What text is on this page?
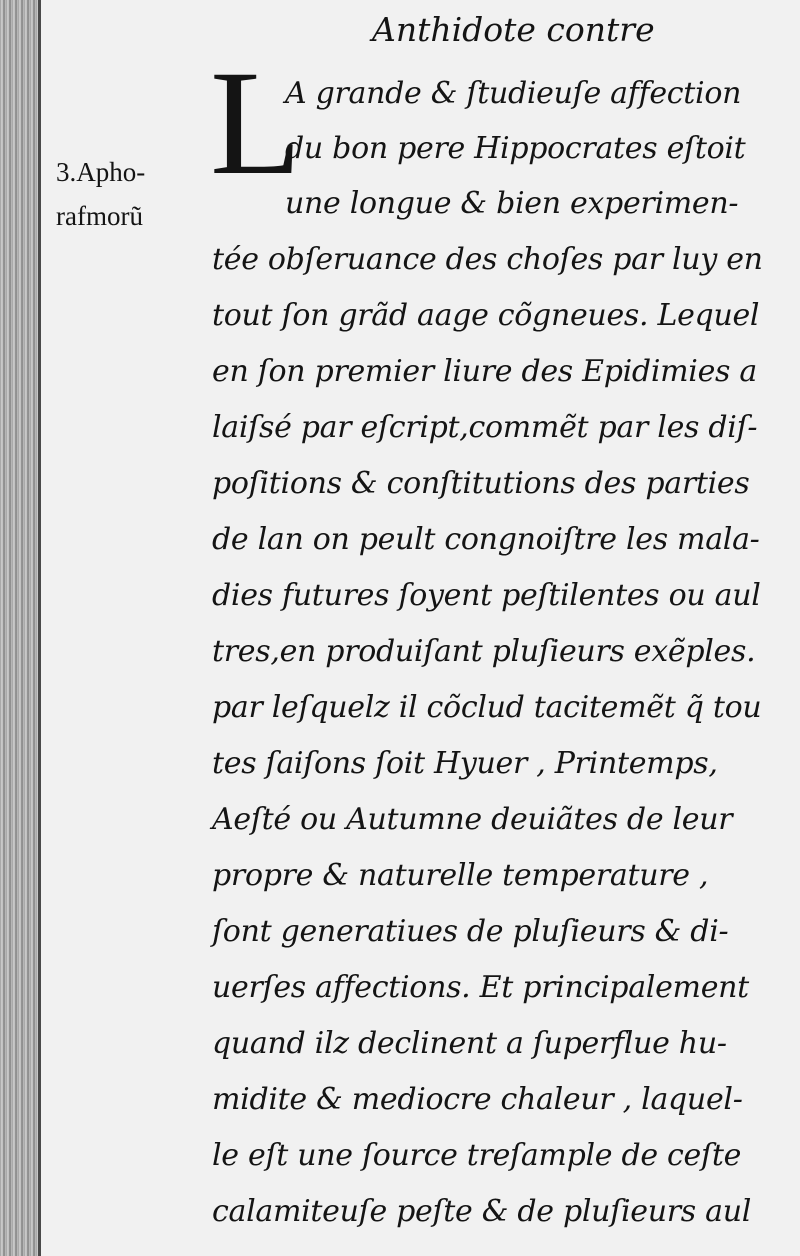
Anthidote contre
L

3.Apho-
rafmorũ

A grande & ſtudieuſe affection

du bon pere Hippocrates eſtoit

une longue & bien experimen-

tée obſeruance des choſes par luy en

tout ſon grãd aage cõgneues. Lequel

en ſon premier liure des Epidimies a

laiſsé par eſcript,commẽt par les diſ-

poſitions & conſtitutions des parties

de lan on peult congnoiſtre les mala-

dies futures ſoyent peſtilentes ou aul

tres,en produiſant pluſieurs exẽples.

par leſquelz il cõclud tacitemẽt q̃ tou

tes ſaiſons ſoit Hyuer , Printemps,

Aeſté ou Autumne deuiãtes de leur

propre & naturelle temperature ,

ſont generatiues de pluſieurs & di-

uerſes affections. Et principalement

quand ilz declinent a ſuperflue hu-

midite & mediocre chaleur , laquel-

le eſt une ſource treſample de ceſte

calamiteuſe peſte & de pluſieurs aul
